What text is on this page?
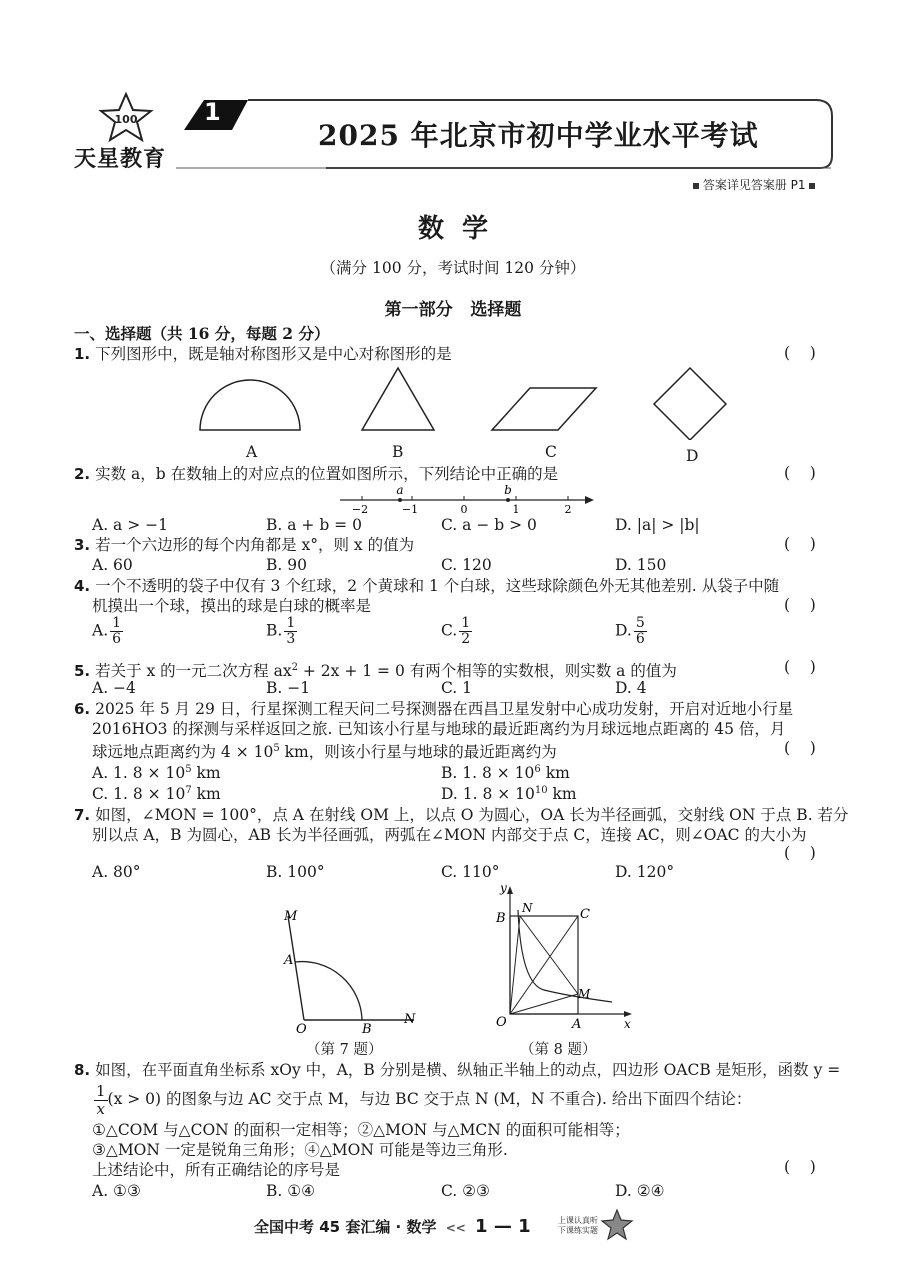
100
天星教育
1
2025 年北京市初中学业水平考试
答案详见答案册 P1
数  学
（满分 100 分，考试时间 120 分钟）
第一部分   选择题
一、选择题（共 16 分，每题 2 分）
1. 下列图形中，既是轴对称图形又是中心对称图形的是	(    )
A	B	C	D
2. 实数 a，b 在数轴上的对应点的位置如图所示，下列结论中正确的是	(    )
a	b
−2	−1	0	1	2
A. a > −1	B. a + b = 0	C. a − b > 0	D. |a| > |b|
3. 若一个六边形的每个内角都是 x°，则 x 的值为	(    )
A. 60	B. 90	C. 120	D. 150
4. 一个不透明的袋子中仅有 3 个红球，2 个黄球和 1 个白球，这些球除颜色外无其他差别. 从袋子中随
机摸出一个球，摸出的球是白球的概率是	(    )
A. $\frac{1}{6}$	B. $\frac{1}{3}$	C. $\frac{1}{2}$	D. $\frac{5}{6}$
5. 若关于 x 的一元二次方程 $ax^2 + 2x + 1 = 0$ 有两个相等的实数根，则实数 a 的值为	(    )
A. −4	B. −1	C. 1	D. 4
6. 2025 年 5 月 29 日，行星探测工程天问二号探测器在西昌卫星发射中心成功发射，开启对近地小行星
2016HO3 的探测与采样返回之旅. 已知该小行星与地球的最近距离约为月球远地点距离的 45 倍，月
球远地点距离约为 $4 \times 10^5$ km，则该小行星与地球的最近距离约为	(    )
A. 1. $8 \times 10^5$ km	B. 1. $8 \times 10^6$ km
C. 1. $8 \times 10^7$ km	D. 1. $8 \times 10^{10}$ km
7. 如图，∠MON = 100°，点 A 在射线 OM 上，以点 O 为圆心，OA 长为半径画弧，交射线 ON 于点 B. 若分
别以点 A，B 为圆心，AB 长为半径画弧，两弧在∠MON 内部交于点 C，连接 AC，则∠OAC 的大小为
(    )
A. 80°	B. 100°	C. 110°	D. 120°
M
A
O	B
N
（第 7 题）
y
B
N	C
M
O	A	x
（第 8 题）
8. 如图，在平面直角坐标系 xOy 中，A，B 分别是横、纵轴正半轴上的动点，四边形 OACB 是矩形，函数 y =
$\frac{1}{x} (x > 0)$ 的图象与边 AC 交于点 M，与边 BC 交于点 N (M，N 不重合). 给出下面四个结论：
①△COM 与△CON 的面积一定相等；②△MON 与△MCN 的面积可能相等；
③△MON 一定是锐角三角形；④△MON 可能是等边三角形.
上述结论中，所有正确结论的序号是	(    )
A. ①③	B. ①④	C. ②③	D. ②④
全国中考 45 套汇编 · 数学 << 1 — 1	上课认真听
下课练实题
